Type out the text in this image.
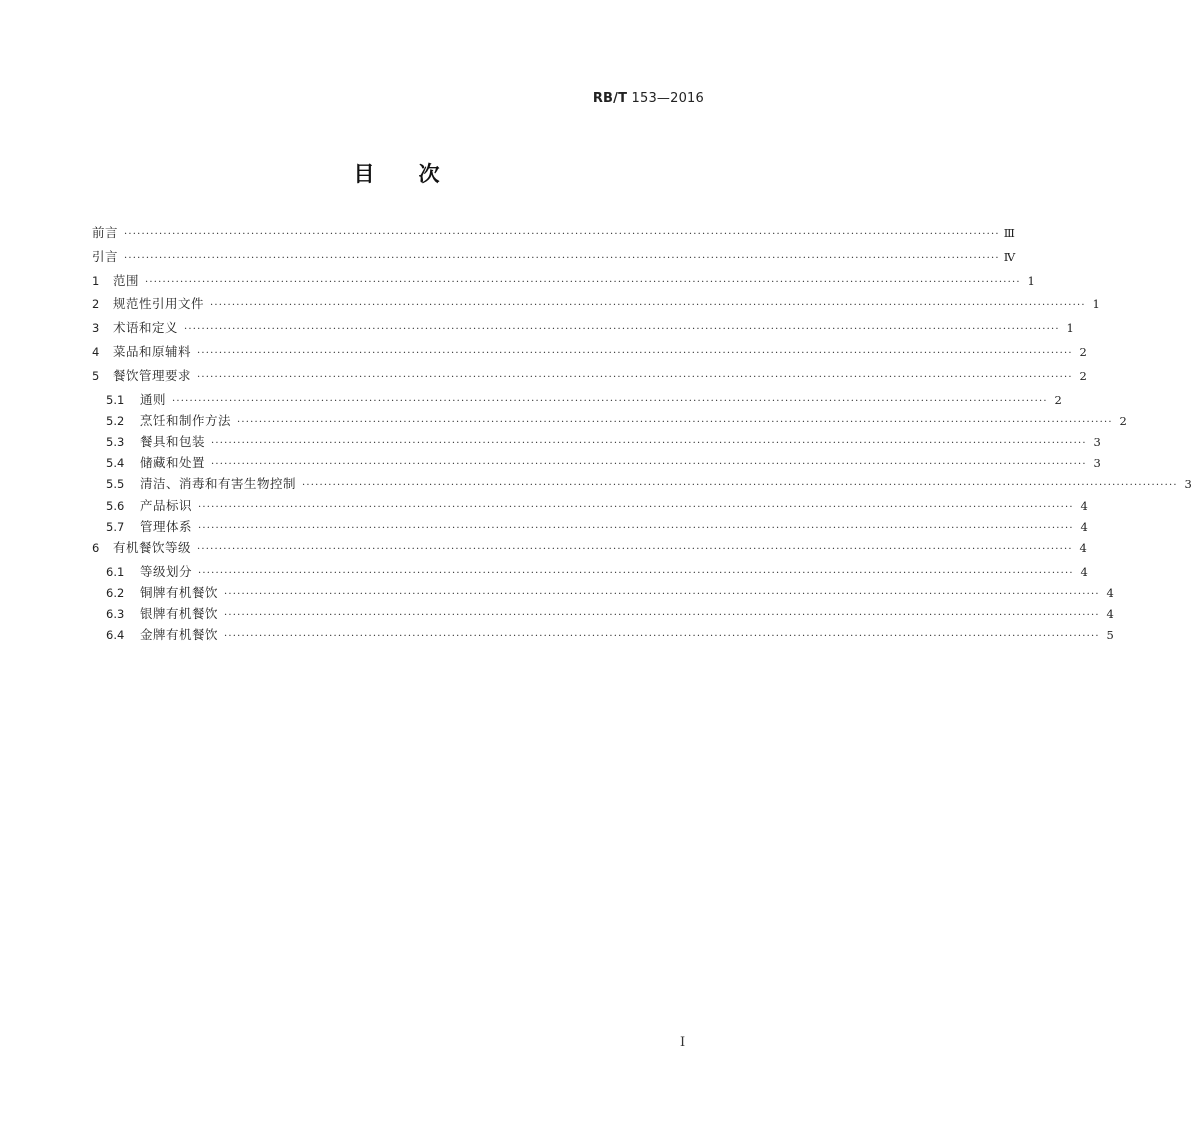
RB/T 153—2016
目 次
前言 ········································································································································································································ Ⅲ
引言 ········································································································································································································ Ⅳ
1	范围 ········································································································································································································ 1
2	规范性引用文件 ········································································································································································································ 1
3	术语和定义 ········································································································································································································ 1
4	菜品和原辅料 ········································································································································································································ 2
5	餐饮管理要求 ········································································································································································································ 2
5.1	通则 ········································································································································································································ 2
5.2	烹饪和制作方法 ········································································································································································································ 2
5.3	餐具和包装 ········································································································································································································ 3
5.4	储藏和处置 ········································································································································································································ 3
5.5	清洁、消毒和有害生物控制 ········································································································································································································ 3
5.6	产品标识 ········································································································································································································ 4
5.7	管理体系 ········································································································································································································ 4
6	有机餐饮等级 ········································································································································································································ 4
6.1	等级划分 ········································································································································································································ 4
6.2	铜牌有机餐饮 ········································································································································································································ 4
6.3	银牌有机餐饮 ········································································································································································································ 4
6.4	金牌有机餐饮 ········································································································································································································ 5
I
